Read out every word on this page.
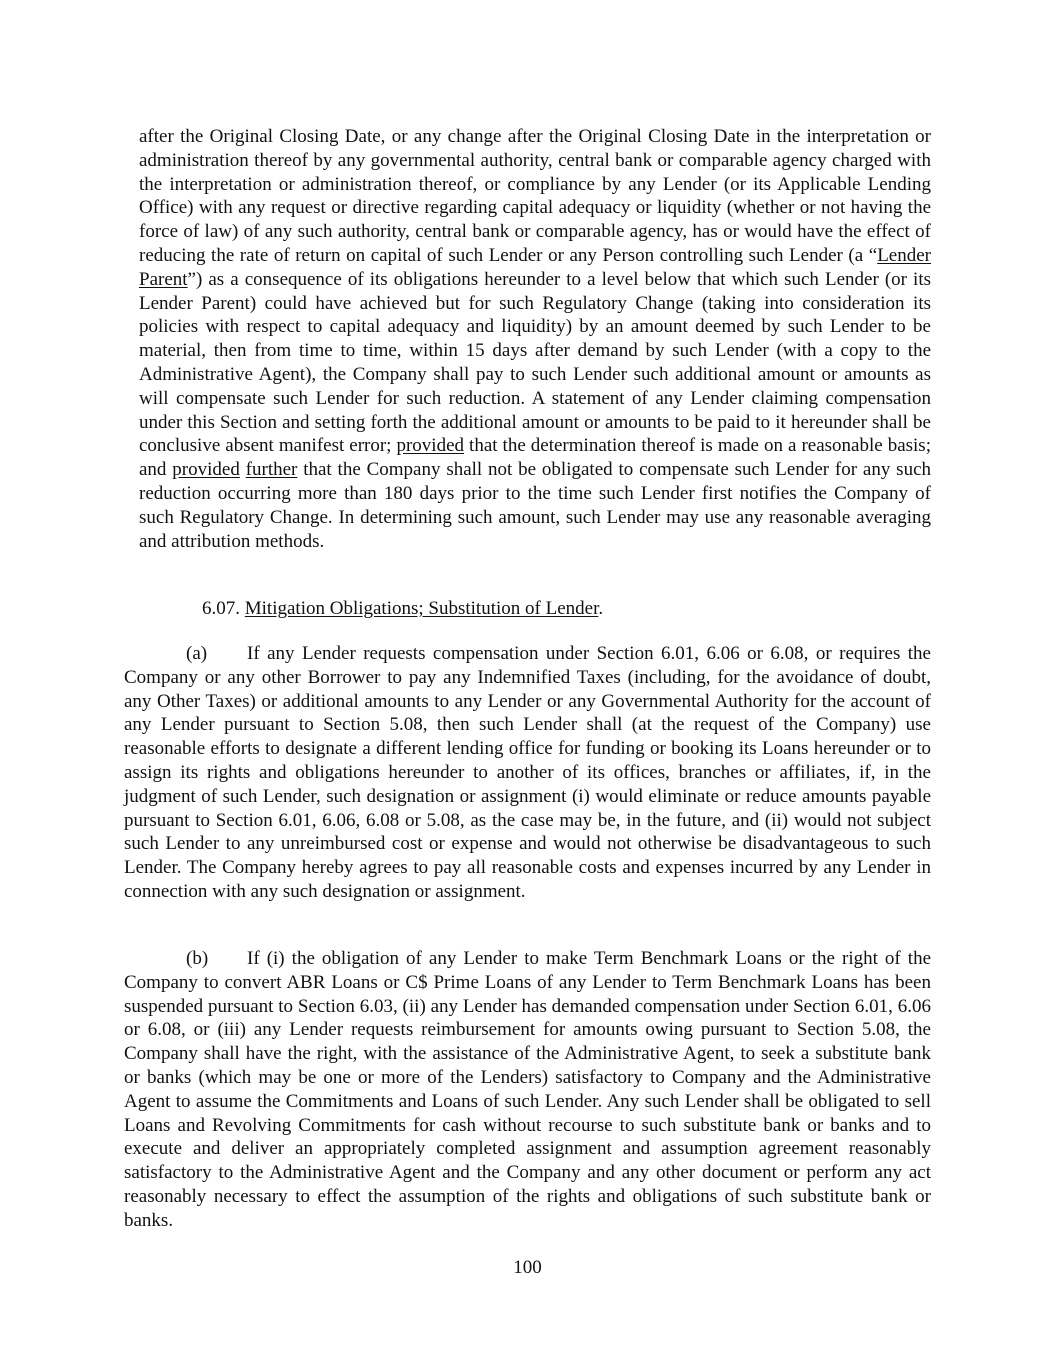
after the Original Closing Date, or any change after the Original Closing Date in the interpretation or administration thereof by any governmental authority, central bank or comparable agency charged with the interpretation or administration thereof, or compliance by any Lender (or its Applicable Lending Office) with any request or directive regarding capital adequacy or liquidity (whether or not having the force of law) of any such authority, central bank or comparable agency, has or would have the effect of reducing the rate of return on capital of such Lender or any Person controlling such Lender (a “Lender Parent”) as a consequence of its obligations hereunder to a level below that which such Lender (or its Lender Parent) could have achieved but for such Regulatory Change (taking into consideration its policies with respect to capital adequacy and liquidity) by an amount deemed by such Lender to be material, then from time to time, within 15 days after demand by such Lender (with a copy to the Administrative Agent), the Company shall pay to such Lender such additional amount or amounts as will compensate such Lender for such reduction. A statement of any Lender claiming compensation under this Section and setting forth the additional amount or amounts to be paid to it hereunder shall be conclusive absent manifest error; provided that the determination thereof is made on a reasonable basis; and provided further that the Company shall not be obligated to compensate such Lender for any such reduction occurring more than 180 days prior to the time such Lender first notifies the Company of such Regulatory Change. In determining such amount, such Lender may use any reasonable averaging and attribution methods.

6.07. Mitigation Obligations; Substitution of Lender.

(a) If any Lender requests compensation under Section 6.01, 6.06 or 6.08, or requires the Company or any other Borrower to pay any Indemnified Taxes (including, for the avoidance of doubt, any Other Taxes) or additional amounts to any Lender or any Governmental Authority for the account of any Lender pursuant to Section 5.08, then such Lender shall (at the request of the Company) use reasonable efforts to designate a different lending office for funding or booking its Loans hereunder or to assign its rights and obligations hereunder to another of its offices, branches or affiliates, if, in the judgment of such Lender, such designation or assignment (i) would eliminate or reduce amounts payable pursuant to Section 6.01, 6.06, 6.08 or 5.08, as the case may be, in the future, and (ii) would not subject such Lender to any unreimbursed cost or expense and would not otherwise be disadvantageous to such Lender. The Company hereby agrees to pay all reasonable costs and expenses incurred by any Lender in connection with any such designation or assignment.

(b) If (i) the obligation of any Lender to make Term Benchmark Loans or the right of the Company to convert ABR Loans or C$ Prime Loans of any Lender to Term Benchmark Loans has been suspended pursuant to Section 6.03, (ii) any Lender has demanded compensation under Section 6.01, 6.06 or 6.08, or (iii) any Lender requests reimbursement for amounts owing pursuant to Section 5.08, the Company shall have the right, with the assistance of the Administrative Agent, to seek a substitute bank or banks (which may be one or more of the Lenders) satisfactory to Company and the Administrative Agent to assume the Commitments and Loans of such Lender. Any such Lender shall be obligated to sell Loans and Revolving Commitments for cash without recourse to such substitute bank or banks and to execute and deliver an appropriately completed assignment and assumption agreement reasonably satisfactory to the Administrative Agent and the Company and any other document or perform any act reasonably necessary to effect the assumption of the rights and obligations of such substitute bank or banks.

100
